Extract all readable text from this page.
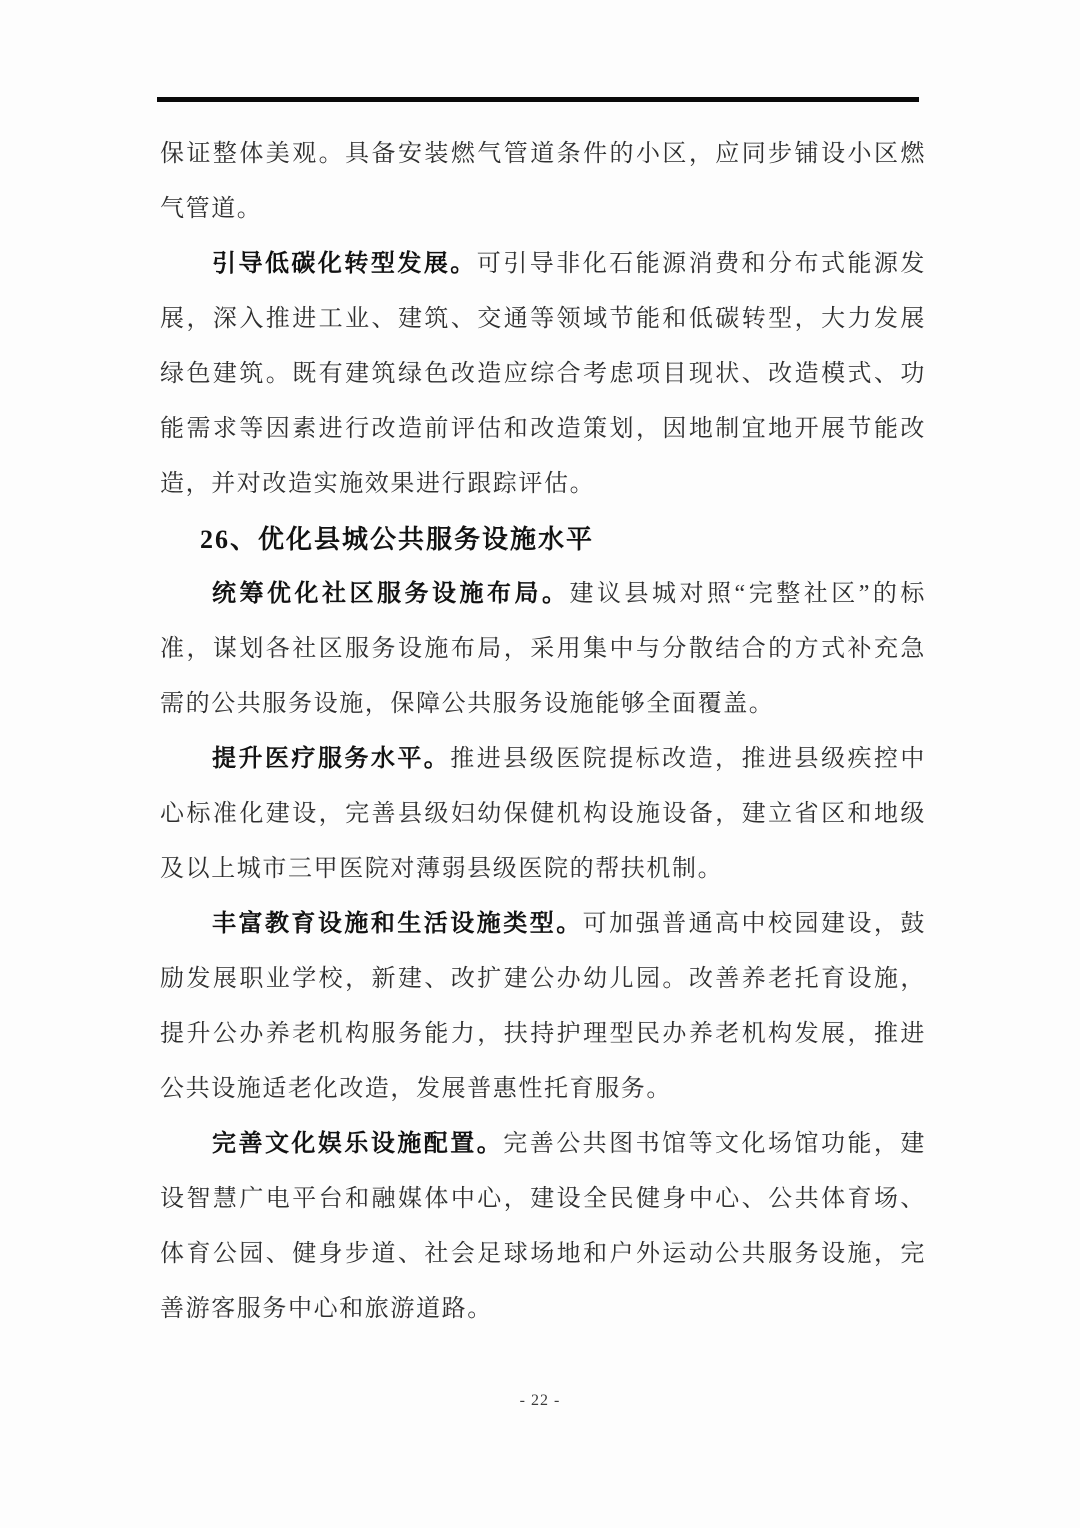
保证整体美观。具备安装燃气管道条件的小区，应同步铺设小区燃气管道。

引导低碳化转型发展。可引导非化石能源消费和分布式能源发展，深入推进工业、建筑、交通等领域节能和低碳转型，大力发展绿色建筑。既有建筑绿色改造应综合考虑项目现状、改造模式、功能需求等因素进行改造前评估和改造策划，因地制宜地开展节能改造，并对改造实施效果进行跟踪评估。

26、优化县城公共服务设施水平

统筹优化社区服务设施布局。建议县城对照“完整社区”的标准，谋划各社区服务设施布局，采用集中与分散结合的方式补充急需的公共服务设施，保障公共服务设施能够全面覆盖。

提升医疗服务水平。推进县级医院提标改造，推进县级疾控中心标准化建设，完善县级妇幼保健机构设施设备，建立省区和地级及以上城市三甲医院对薄弱县级医院的帮扶机制。

丰富教育设施和生活设施类型。可加强普通高中校园建设，鼓励发展职业学校，新建、改扩建公办幼儿园。改善养老托育设施，提升公办养老机构服务能力，扶持护理型民办养老机构发展，推进公共设施适老化改造，发展普惠性托育服务。

完善文化娱乐设施配置。完善公共图书馆等文化场馆功能，建设智慧广电平台和融媒体中心，建设全民健身中心、公共体育场、体育公园、健身步道、社会足球场地和户外运动公共服务设施，完善游客服务中心和旅游道路。

- 22 -
